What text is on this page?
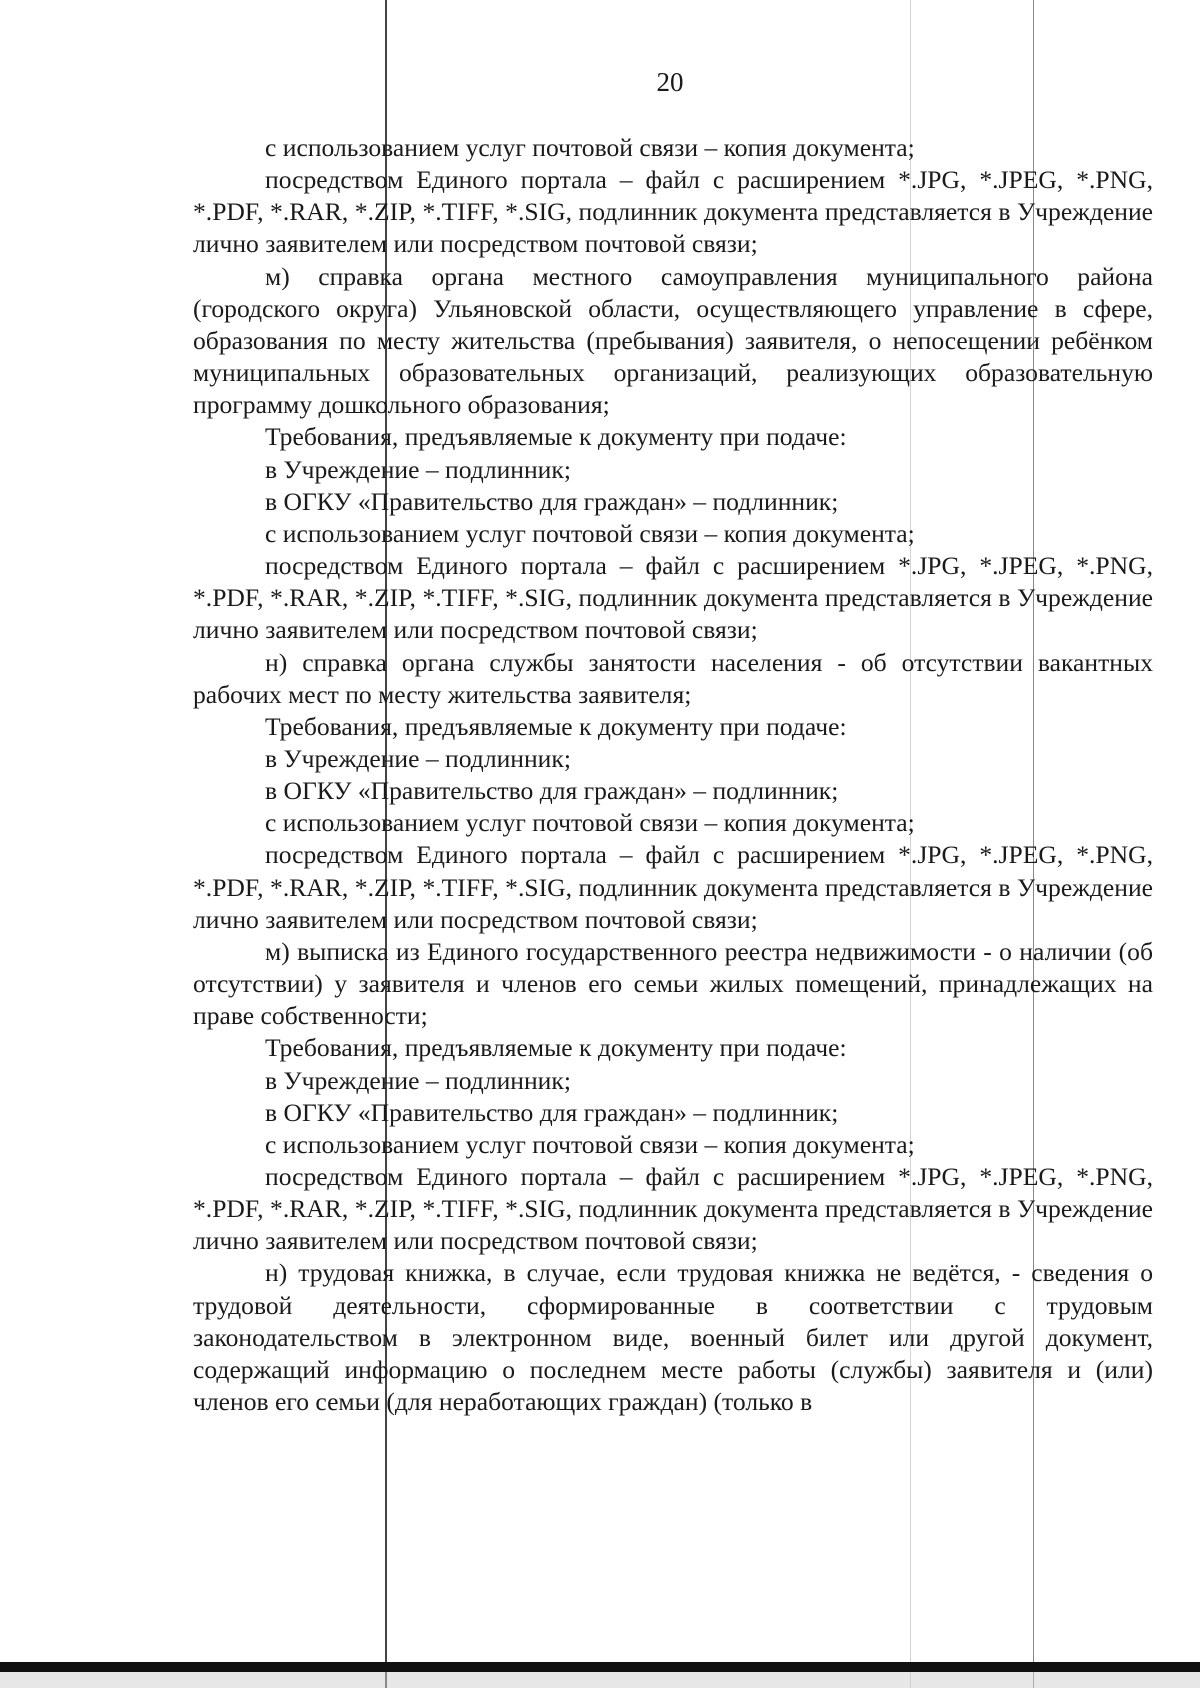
20

с использованием услуг почтовой связи – копия документа;

посредством Единого портала – файл с расширением *.JPG, *.JPEG, *.PNG, *.PDF, *.RAR, *.ZIP, *.TIFF, *.SIG, подлинник документа представляется в Учреждение лично заявителем или посредством почтовой связи;

м) справка органа местного самоуправления муниципального района (городского округа) Ульяновской области, осуществляющего управление в сфере, образования по месту жительства (пребывания) заявителя, о непосещении ребёнком муниципальных образовательных организаций, реализующих образовательную программу дошкольного образования;

Требования, предъявляемые к документу при подаче:

в Учреждение – подлинник;

в ОГКУ «Правительство для граждан» – подлинник;

с использованием услуг почтовой связи – копия документа;

посредством Единого портала – файл с расширением *.JPG, *.JPEG, *.PNG, *.PDF, *.RAR, *.ZIP, *.TIFF, *.SIG, подлинник документа представляется в Учреждение лично заявителем или посредством почтовой связи;

н) справка органа службы занятости населения - об отсутствии вакантных рабочих мест по месту жительства заявителя;

Требования, предъявляемые к документу при подаче:

в Учреждение – подлинник;

в ОГКУ «Правительство для граждан» – подлинник;

с использованием услуг почтовой связи – копия документа;

посредством Единого портала – файл с расширением *.JPG, *.JPEG, *.PNG, *.PDF, *.RAR, *.ZIP, *.TIFF, *.SIG, подлинник документа представляется в Учреждение лично заявителем или посредством почтовой связи;

м) выписка из Единого государственного реестра недвижимости - о наличии (об отсутствии) у заявителя и членов его семьи жилых помещений, принадлежащих на праве собственности;

Требования, предъявляемые к документу при подаче:

в Учреждение – подлинник;

в ОГКУ «Правительство для граждан» – подлинник;

с использованием услуг почтовой связи – копия документа;

посредством Единого портала – файл с расширением *.JPG, *.JPEG, *.PNG, *.PDF, *.RAR, *.ZIP, *.TIFF, *.SIG, подлинник документа представляется в Учреждение лично заявителем или посредством почтовой связи;

н) трудовая книжка, в случае, если трудовая книжка не ведётся, - сведения о трудовой деятельности, сформированные в соответствии с трудовым законодательством в электронном виде, военный билет или другой документ, содержащий информацию о последнем месте работы (службы) заявителя и (или) членов его семьи (для неработающих граждан) (только в
